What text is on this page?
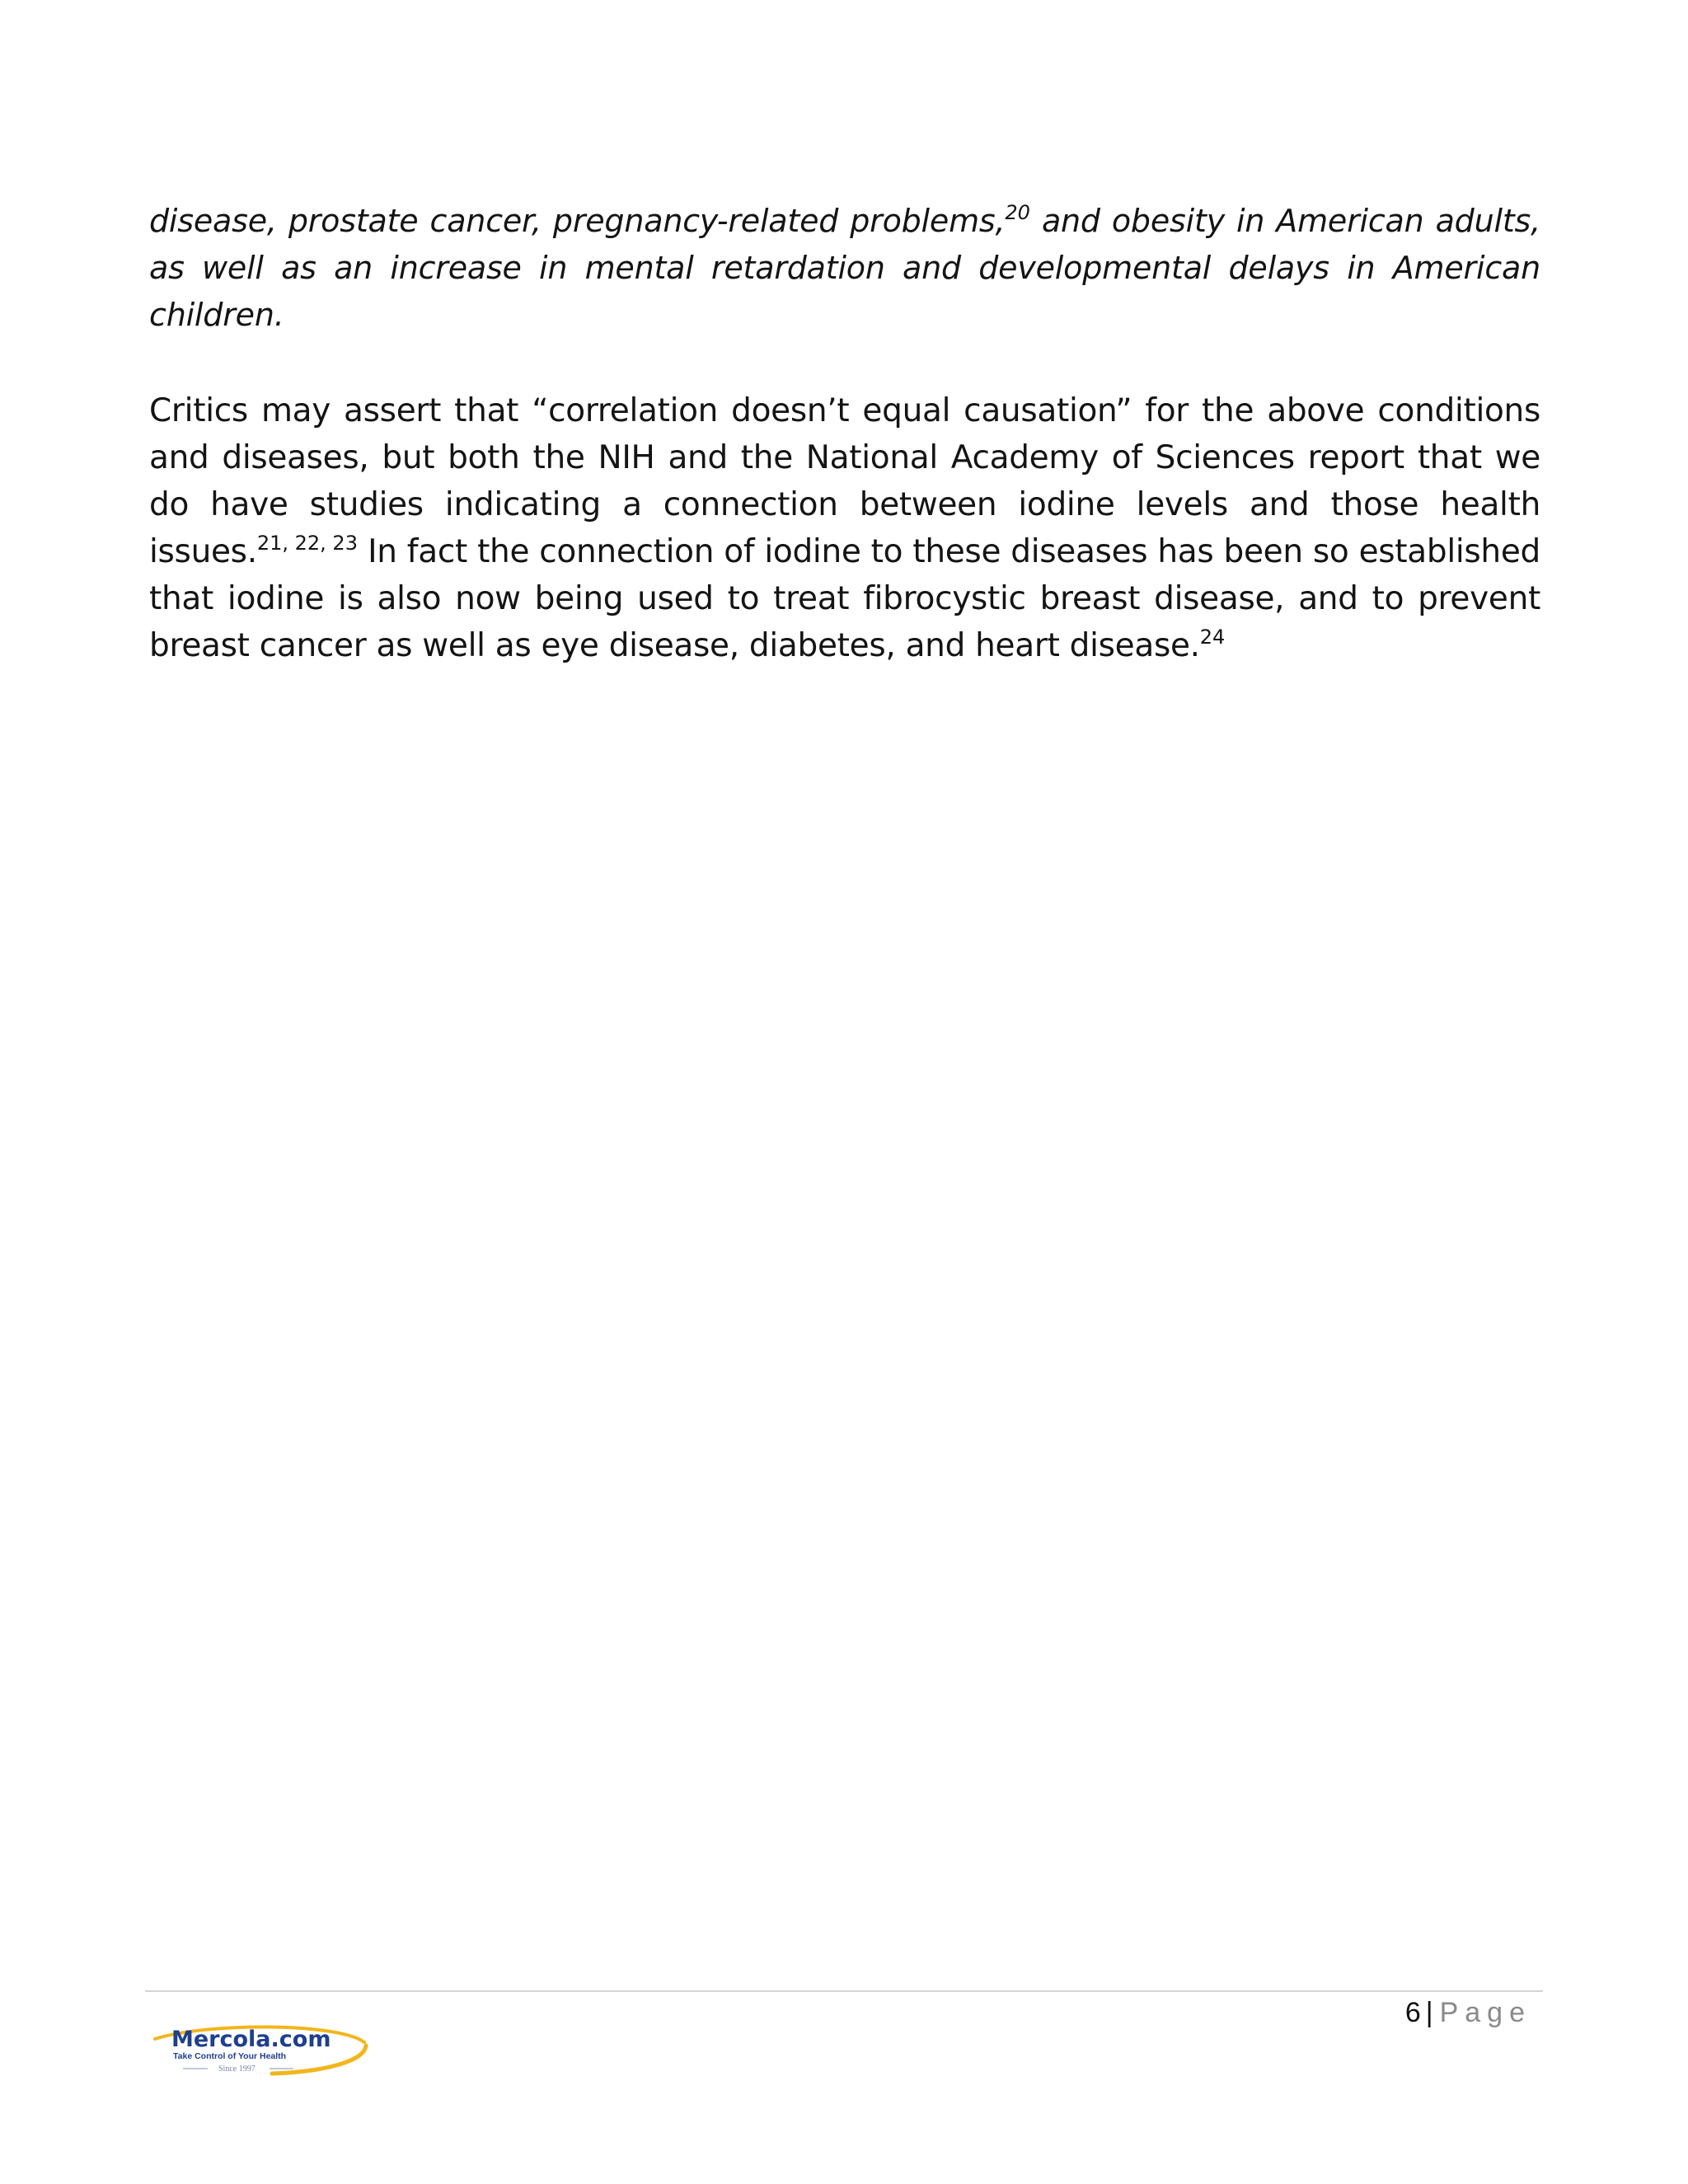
disease, prostate cancer, pregnancy-related problems,$^{20}$ and obesity in American adults, as well as an increase in mental retardation and developmental delays in American children.

Critics may assert that “correlation doesn’t equal causation” for the above conditions and diseases, but both the NIH and the National Academy of Sciences report that we do have studies indicating a connection between iodine levels and those health issues.$^{21, 22, 23}$ In fact the connection of iodine to these diseases has been so established that iodine is also now being used to treat fibrocystic breast disease, and to prevent breast cancer as well as eye disease, diabetes, and heart disease.$^{24}$

6 | Page
Mercola.com
Take Control of Your Health
Since 1997
